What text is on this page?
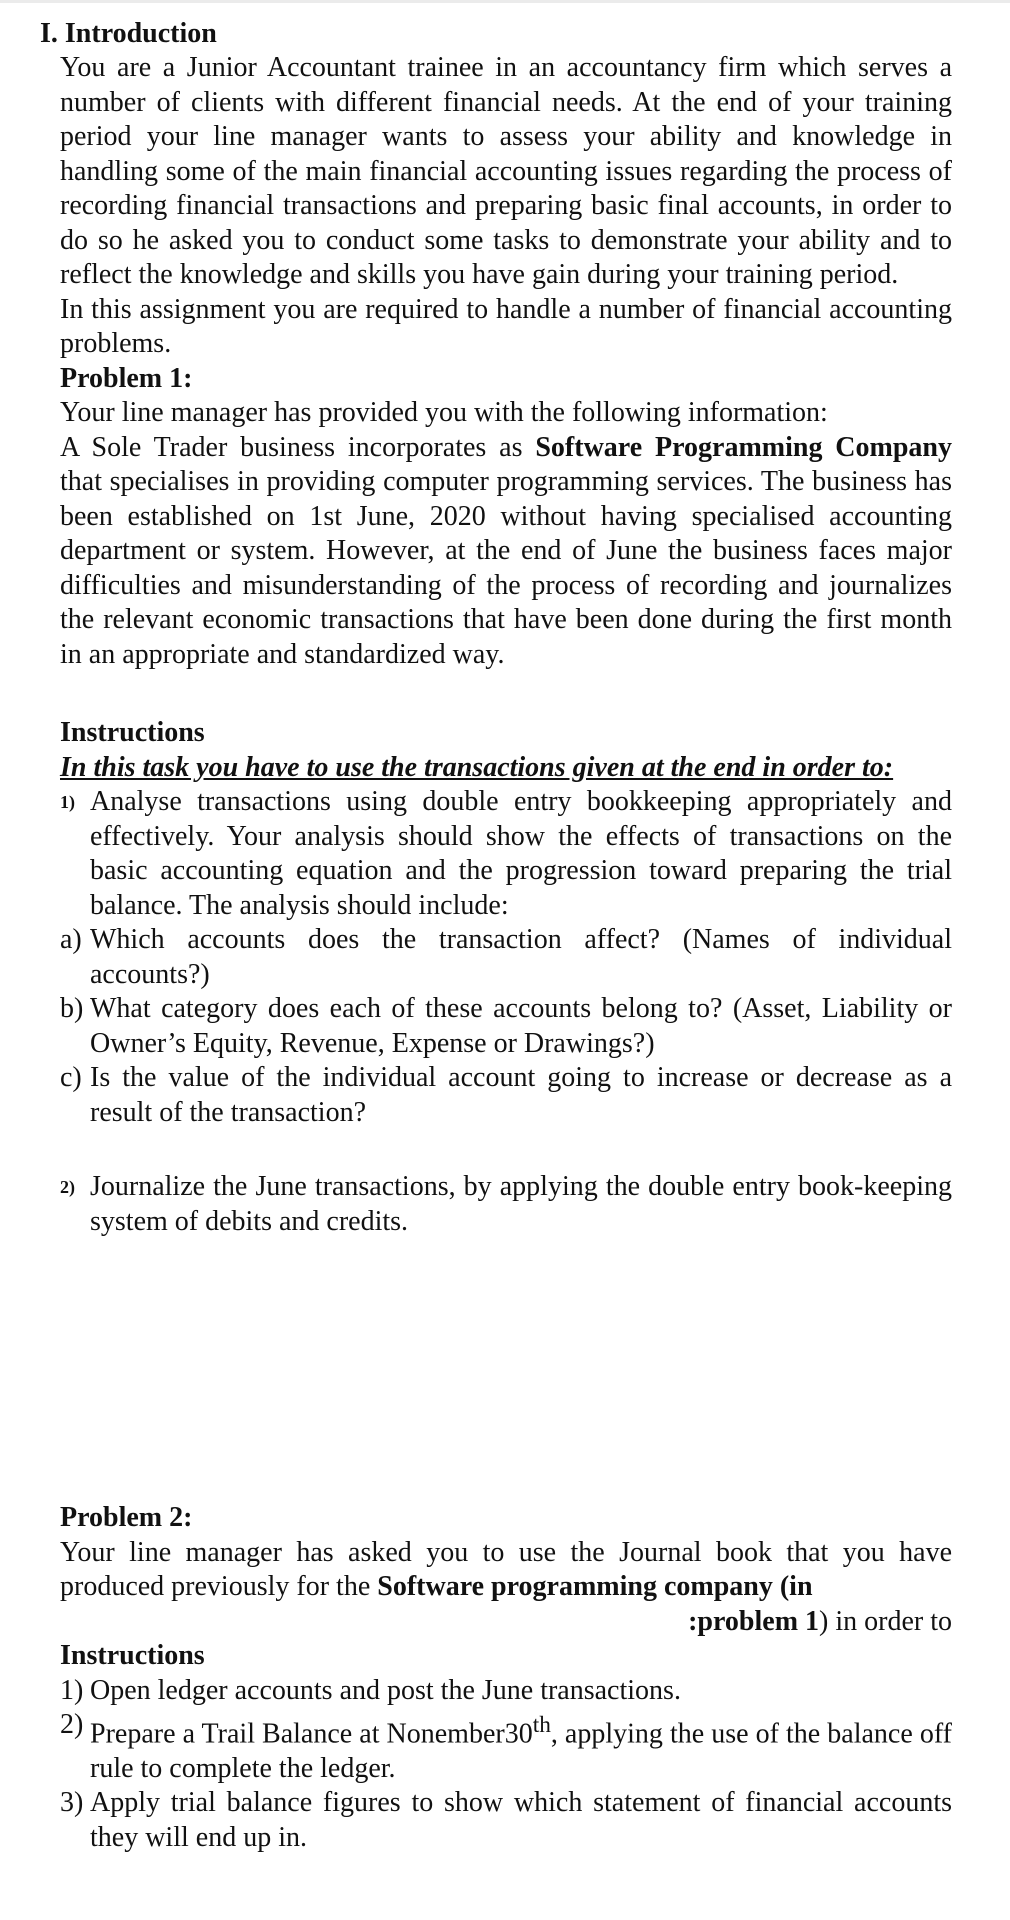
I. Introduction

You are a Junior Accountant trainee in an accountancy firm which serves a number of clients with different financial needs. At the end of your training period your line manager wants to assess your ability and knowledge in handling some of the main financial accounting issues regarding the process of recording financial transactions and preparing basic final accounts, in order to do so he asked you to conduct some tasks to demonstrate your ability and to reflect the knowledge and skills you have gain during your training period.

In this assignment you are required to handle a number of financial accounting problems.

Problem 1:

Your line manager has provided you with the following information:

A Sole Trader business incorporates as Software Programming Company that specialises in providing computer programming services. The business has been established on 1st June, 2020 without having specialised accounting department or system. However, at the end of June the business faces major difficulties and misunderstanding of the process of recording and journalizes the relevant economic transactions that have been done during the first month in an appropriate and standardized way.

Instructions

In this task you have to use the transactions given at the end in order to:

1) Analyse transactions using double entry bookkeeping appropriately and effectively. Your analysis should show the effects of transactions on the basic accounting equation and the progression toward preparing the trial balance. The analysis should include:
a) Which accounts does the transaction affect? (Names of individual accounts?)
b) What category does each of these accounts belong to? (Asset, Liability or Owner’s Equity, Revenue, Expense or Drawings?)
c) Is the value of the individual account going to increase or decrease as a result of the transaction?
2) Journalize the June transactions, by applying the double entry book-keeping system of debits and credits.

Problem 2:

Your line manager has asked you to use the Journal book that you have produced previously for the Software programming company (in

:problem 1) in order to

Instructions

1) Open ledger accounts and post the June transactions.
2) Prepare a Trail Balance at Nonember30th, applying the use of the balance off rule to complete the ledger.
3) Apply trial balance figures to show which statement of financial accounts they will end up in.
